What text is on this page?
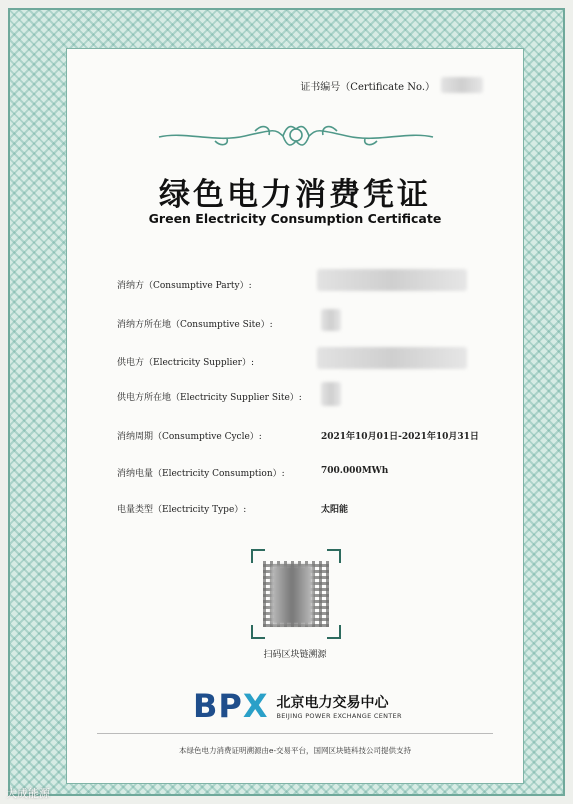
证书编号（Certificate No.）
绿色电力消费凭证
Green Electricity Consumption Certificate
消纳方（Consumptive Party）:
消纳方所在地（Consumptive Site）:
供电方（Electricity Supplier）:
供电方所在地（Electricity Supplier Site）:
消纳周期（Consumptive Cycle）:	2021年10月01日-2021年10月31日
消纳电量（Electricity Consumption）:	700.000MWh
电量类型（Electricity Type）:	太阳能
扫码区块链溯源
BPX 北京电力交易中心
BEIJING POWER EXCHANGE CENTER
本绿色电力消费证明溯源由e-交易平台，国网区块链科技公司提供支持
大成能源
